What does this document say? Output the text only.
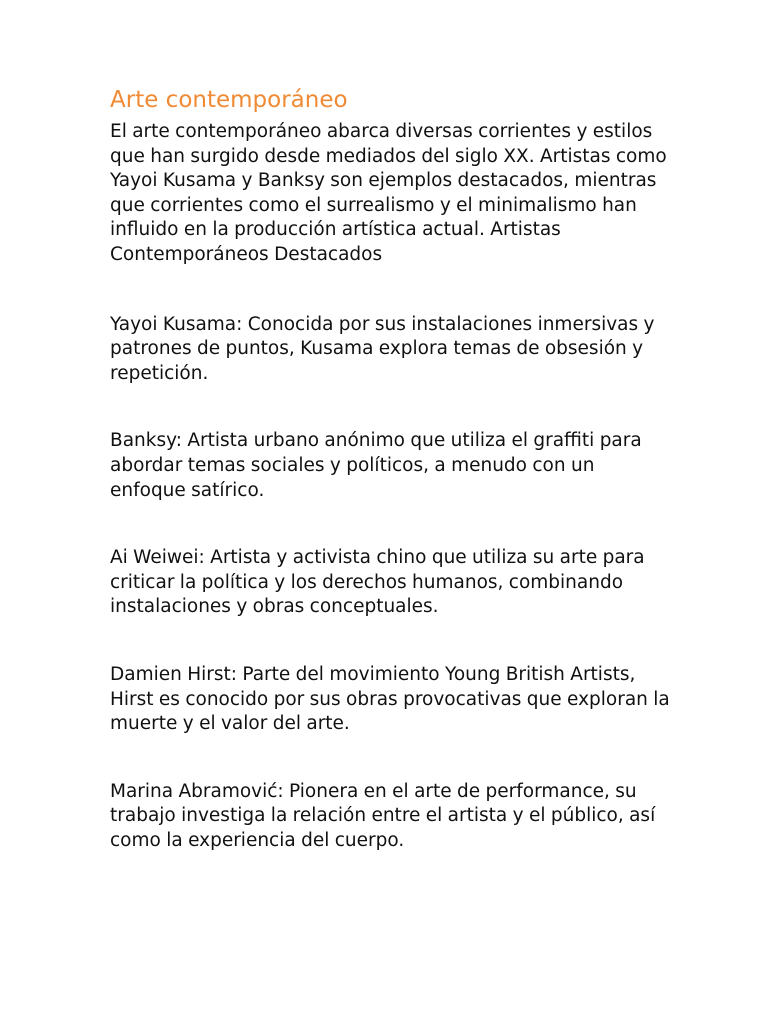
Arte contemporáneo

El arte contemporáneo abarca diversas corrientes y estilos que han surgido desde mediados del siglo XX. Artistas como Yayoi Kusama y Banksy son ejemplos destacados, mientras que corrientes como el surrealismo y el minimalismo han influido en la producción artística actual. Artistas Contemporáneos Destacados

Yayoi Kusama: Conocida por sus instalaciones inmersivas y patrones de puntos, Kusama explora temas de obsesión y repetición.

Banksy: Artista urbano anónimo que utiliza el graffiti para abordar temas sociales y políticos, a menudo con un enfoque satírico.

Ai Weiwei: Artista y activista chino que utiliza su arte para criticar la política y los derechos humanos, combinando instalaciones y obras conceptuales.

Damien Hirst: Parte del movimiento Young British Artists, Hirst es conocido por sus obras provocativas que exploran la muerte y el valor del arte.

Marina Abramović: Pionera en el arte de performance, su trabajo investiga la relación entre el artista y el público, así como la experiencia del cuerpo.
